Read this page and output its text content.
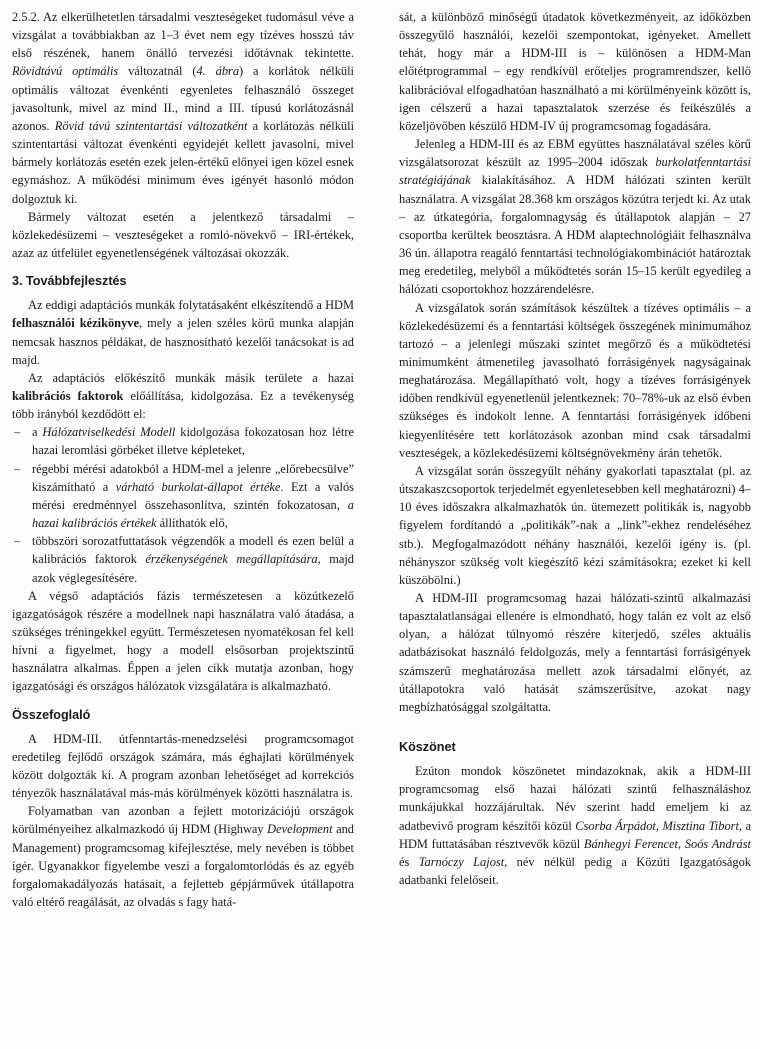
2.5.2. Az elkerülhetetlen társadalmi veszteségeket tudomásul véve a vizsgálat a továbbiakban az 1–3 évet nem egy tízéves hosszú táv első részének, hanem önálló tervezési időtávnak tekintette. Rövidtávú optimális változatnál (4. ábra) a korlátok nélküli optimális változat évenkénti egyenletes felhasználó összeget javasoltunk, mivel az mind II., mind a III. típusú korlátozásnál azonos. Rövid távú szintentartási változatként a korlátozás nélküli szintentartási változat évenkénti egyidejét kellett javasolni, mivel bármely korlátozás esetén ezek jelen-értékű előnyei igen közel esnek egymáshoz. A működési minimum éves igényét hasonló módon dolgoztuk ki.

Bármely változat esetén a jelentkező társadalmi – közlekedésüzemi – veszteségeket a romló-növekvő – IRI-értékek, azaz az útfelület egyenetlenségének változásai okozzák.

3. Továbbfejlesztés

Az eddigi adaptációs munkák folytatásaként elkészítendő a HDM felhasználói kézikönyve, mely a jelen széles körű munka alapján nemcsak hasznos példákat, de hasznosítható kezelői tanácsokat is ad majd.

Az adaptációs előkészítő munkák másik területe a hazai kalibrációs faktorok előállítása, kidolgozása. Ez a tevékenység több irányból kezdődött el:

– a Hálózatviselkedési Modell kidolgozása fokozatosan hoz létre hazai leromlási görbéket illetve képleteket,
– régebbi mérési adatokból a HDM-mel a jelenre „előrebecsülve” kiszámítható a várható burkolat-állapot értéke. Ezt a valós mérési eredménnyel összehasonlítva, szintén fokozatosan, a hazai kalibrációs értékek állíthatók elő,
– többszöri sorozatfuttatások végzendők a modell és ezen belül a kalibrációs faktorok érzékenységének megállapítására, majd azok véglegesítésére.

A végső adaptációs fázis természetesen a közútkezelő igazgatóságok részére a modellnek napi használatra való átadása, a szükséges tréningekkel együtt. Természetesen nyomatékosan fel kell hívni a figyelmet, hogy a modell elsősorban projektszintű használatra alkalmas. Éppen a jelen cikk mutatja azonban, hogy igazgatósági és országos hálózatok vizsgálatára is alkalmazható.

Összefoglaló

A HDM-III. útfenntartás-menedzselési programcsomagot eredetileg fejlődő országok számára, más éghajlati körülmények között dolgozták ki. A program azonban lehetőséget ad korrekciós tényezők használatával más-más körülmények közötti használatra is.

Folyamatban van azonban a fejlett motorizációjú országok körülményeihez alkalmazkodó új HDM (Highway Development and Management) programcsomag kifejlesztése, mely nevében is többet ígér. Ugyanakkor figyelembe veszi a forgalomtorlódás és az egyéb forgalomakadályozás hatásait, a fejletteb gépjárművek útállapotra való eltérő reagálását, az olvadás s fagy hatá-

sát, a különböző minőségű útadatok következményeit, az időközben összegyűlő használói, kezelői szempontokat, igényeket. Amellett tehát, hogy már a HDM-III is – különösen a HDM-Man előtétprogrammal – egy rendkívül erőteljes programrendszer, kellő kalibrációval elfogadhatóan használható a mi körülményeink között is, igen célszerű a hazai tapasztalatok szerzése és feikészülés a közeljövőben készülő HDM-IV új programcsomag fogadására.

Jelenleg a HDM-III és az EBM együttes használatával széles körű vizsgálatsorozat készült az 1995–2004 időszak burkolatfenntartási stratégiájának kialakításához. A HDM hálózati szinten került használatra. A vizsgálat 28.368 km országos közútra terjedt ki. Az utak – az útkategória, forgalomnagyság és útállapotok alapján – 27 csoportba kerültek beosztásra. A HDM alaptechnológiáit felhasználva 36 ún. állapotra reagáló fenntartási technológiakombinációt határoztak meg eredetileg, melyből a működtetés során 15–15 került egyedileg a hálózati csoportokhoz hozzárendelésre.

A vizsgálatok során számítások készültek a tízéves optimális – a közlekedésüzemi és a fenntartási költségek összegének minimumához tartozó – a jelenlegi műszaki szintet megőrző és a működtetési minimumként átmenetileg javasolható forrásigények nagyságainak meghatározása. Megállapítható volt, hogy a tízéves forrásigények időben rendkívül egyenetlenül jelentkeznek: 70–78%-uk az első évben szükséges és indokolt lenne. A fenntartási forrásigények időbeni kiegyenlítésére tett korlátozások azonban mind csak társadalmi veszteségek, a közlekedésüzemi költségnövekmény árán tehetők.

A vizsgálat során összegyűlt néhány gyakorlati tapasztalat (pl. az útszakaszcsoportok terjedelmét egyenletesebben kell meghatározni) 4–10 éves időszakra alkalmazhatók ún. ütemezett politikák is, nagyobb figyelem fordítandó a „politikák”-nak a „link”-ekhez rendeléséhez stb.). Megfogalmazódott néhány használói, kezelői igény is. (pl. néhányszor szükség volt kiegészítő kézi számításokra; ezeket ki kell küszöbölni.)

A HDM-III programcsomag hazai hálózati-szintű alkalmazási tapasztalatlanságai ellenére is elmondható, hogy talán ez volt az első olyan, a hálózat túlnyomó részére kiterjedő, széles aktuális adatbázisokat használó feldolgozás, mely a fenntartási forrásigények számszerű meghatározása mellett azok társadalmi előnyét, az útállapotokra való hatását számszerűsítve, azokat nagy megbízhatósággal szolgáltatta.

Köszönet

Ezúton mondok köszönetet mindazoknak, akik a HDM-III programcsomag első hazai hálózati szintű felhasználáshoz munkájukkal hozzájárultak. Név szerint hadd emeljem ki az adatbevivő program készítői közül Csorba Árpádot, Misztina Tibort, a HDM futtatásában résztvevők közül Bánhegyi Ferencet, Soós Andrást és Tarnóczy Lajost, név nélkül pedig a Közúti Igazgatóságok adatbanki felelőseit.
